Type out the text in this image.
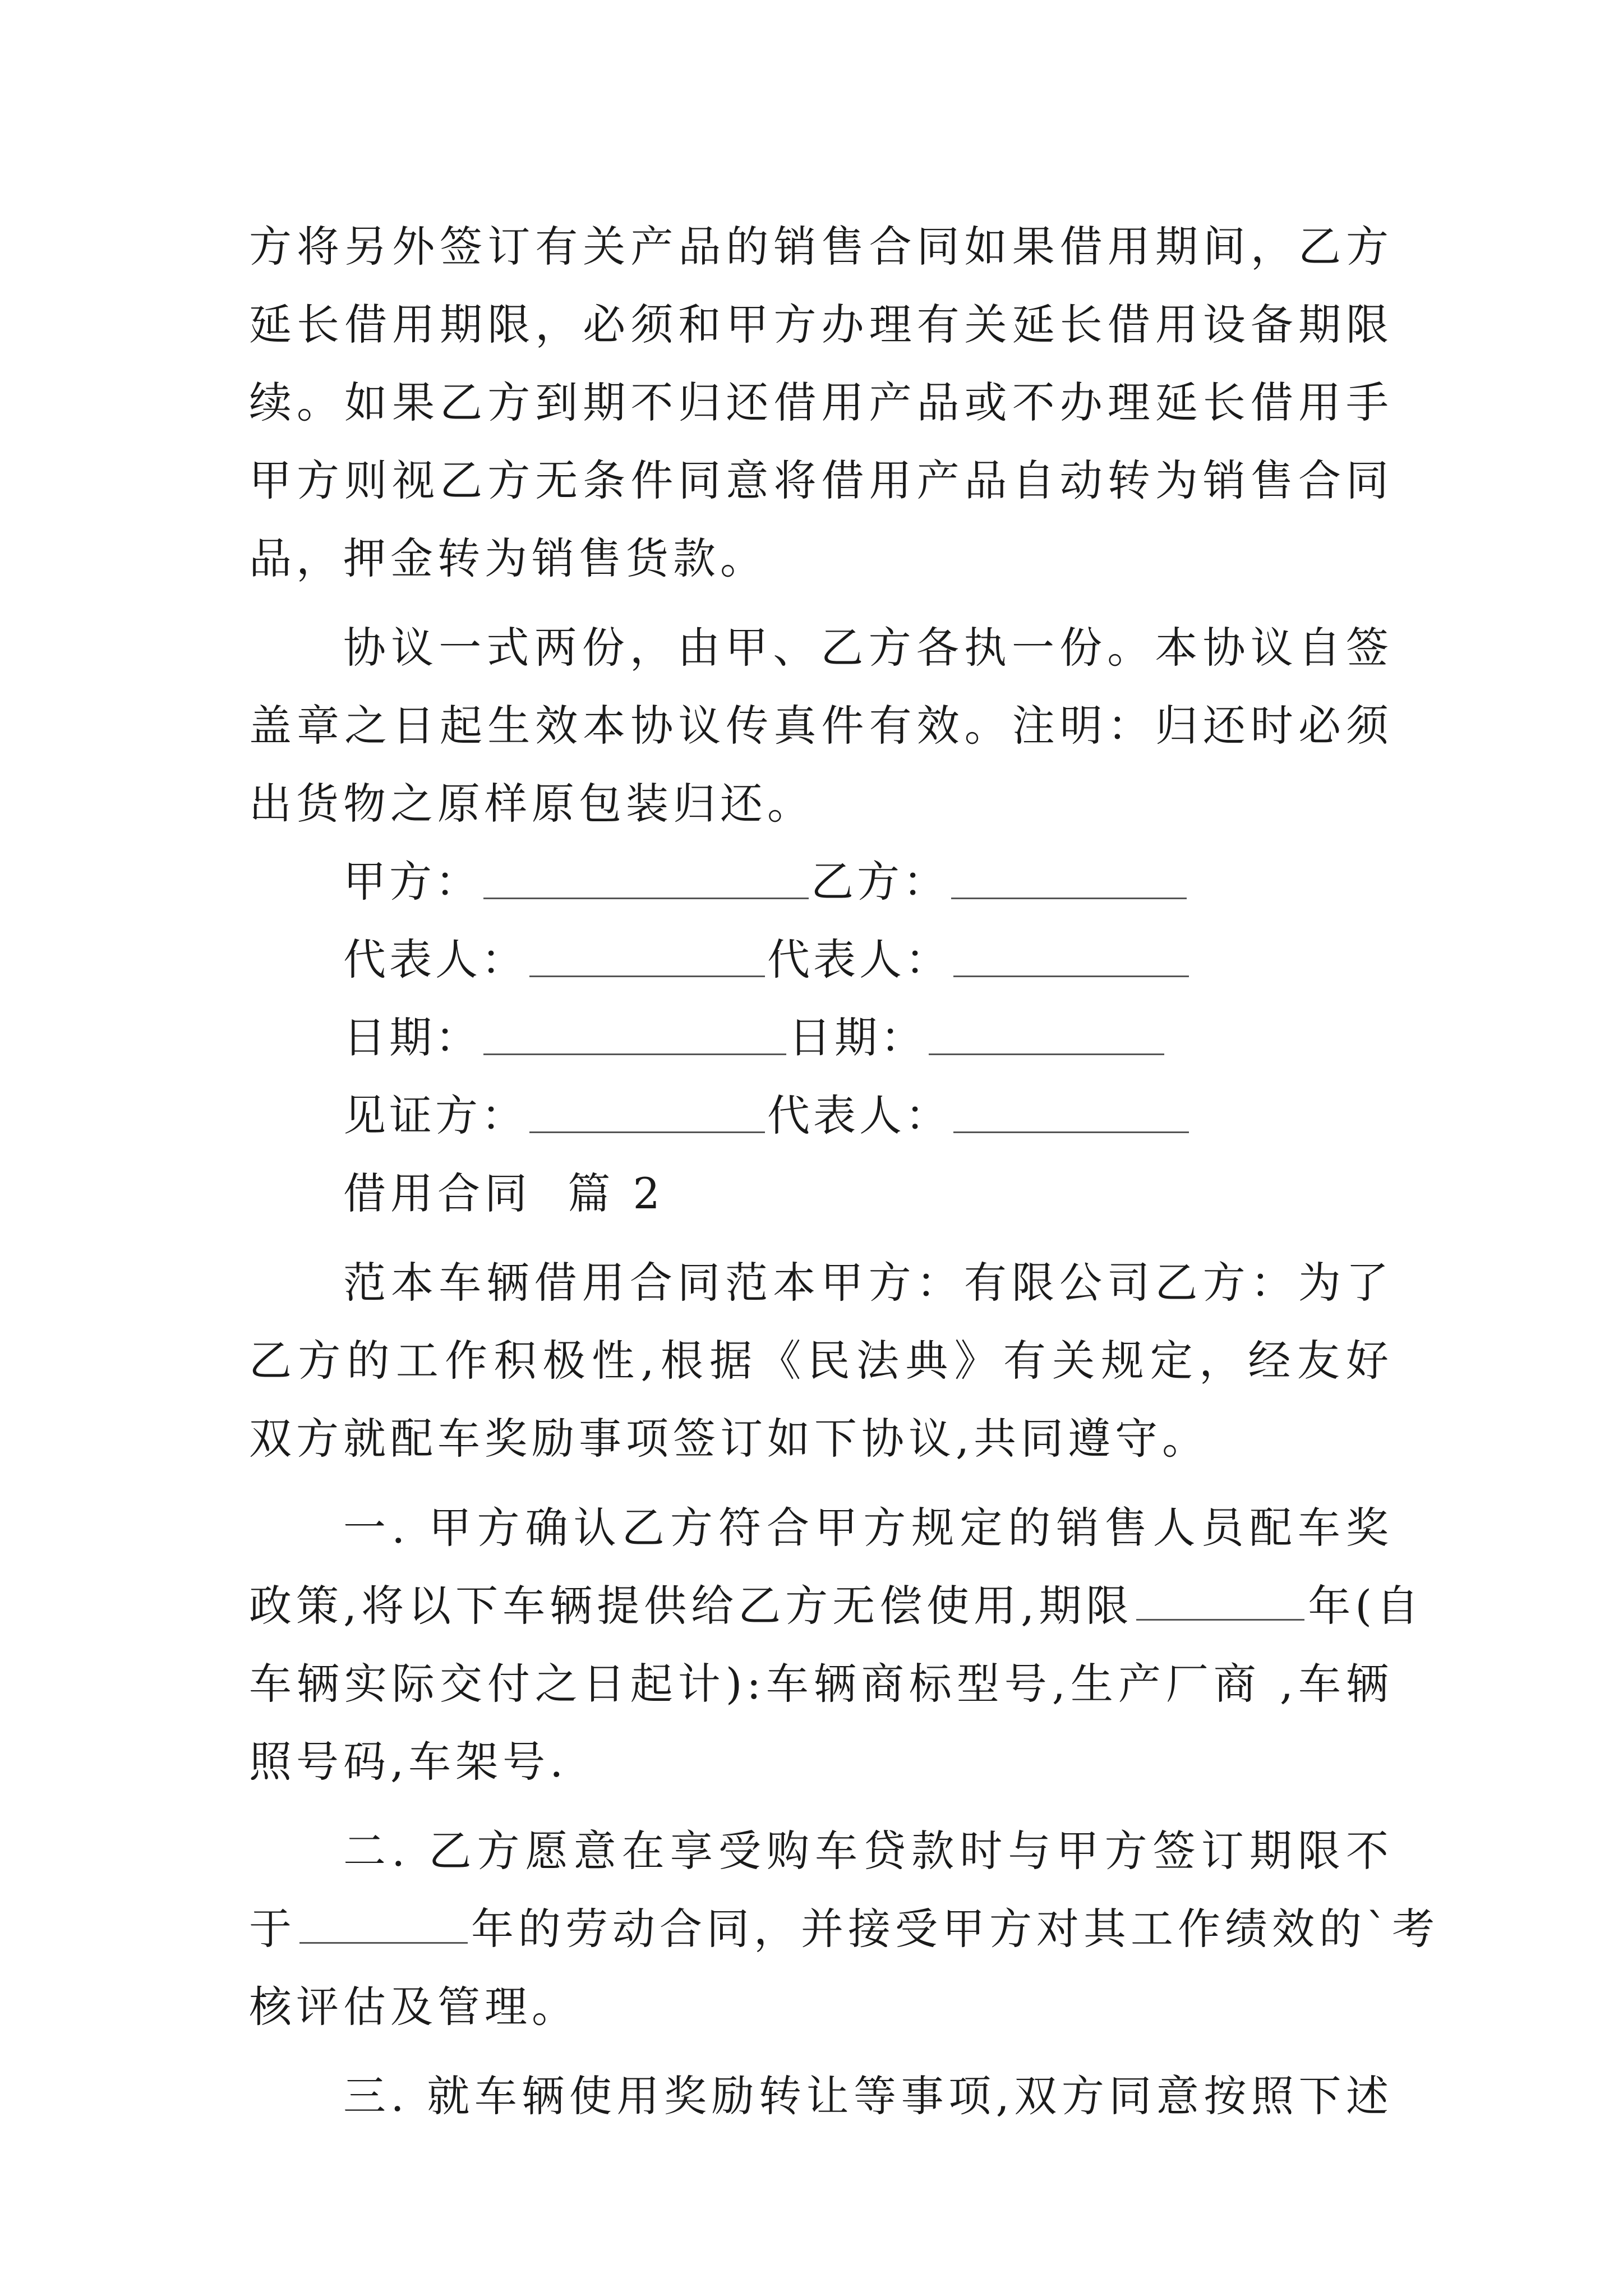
方将另外签订有关产品的销售合同如果借用期间，乙方
延长借用期限，必须和甲方办理有关延长借用设备期限
续。如果乙方到期不归还借用产品或不办理延长借用手
甲方则视乙方无条件同意将借用产品自动转为销售合同
品，押金转为销售货款。
协议一式两份，由甲、乙方各执一份。本协议自签
盖章之日起生效本协议传真件有效。注明：归还时必须
出货物之原样原包装归还。
甲方：	乙方：
代表人：	代表人：
日期：	日期：
见证方：	代表人：
借用合同  篇 2
范本车辆借用合同范本甲方：有限公司乙方：为了
乙方的工作积极性,根据《民法典》有关规定，经友好
双方就配车奖励事项签订如下协议,共同遵守。
一. 甲方确认乙方符合甲方规定的销售人员配车奖
政策,将以下车辆提供给乙方无偿使用,期限	年(自
车辆实际交付之日起计):车辆商标型号,生产厂商 ,车辆
照号码,车架号.
二. 乙方愿意在享受购车贷款时与甲方签订期限不
于	年的劳动合同，并接受甲方对其工作绩效的`考
核评估及管理。
三. 就车辆使用奖励转让等事项,双方同意按照下述
